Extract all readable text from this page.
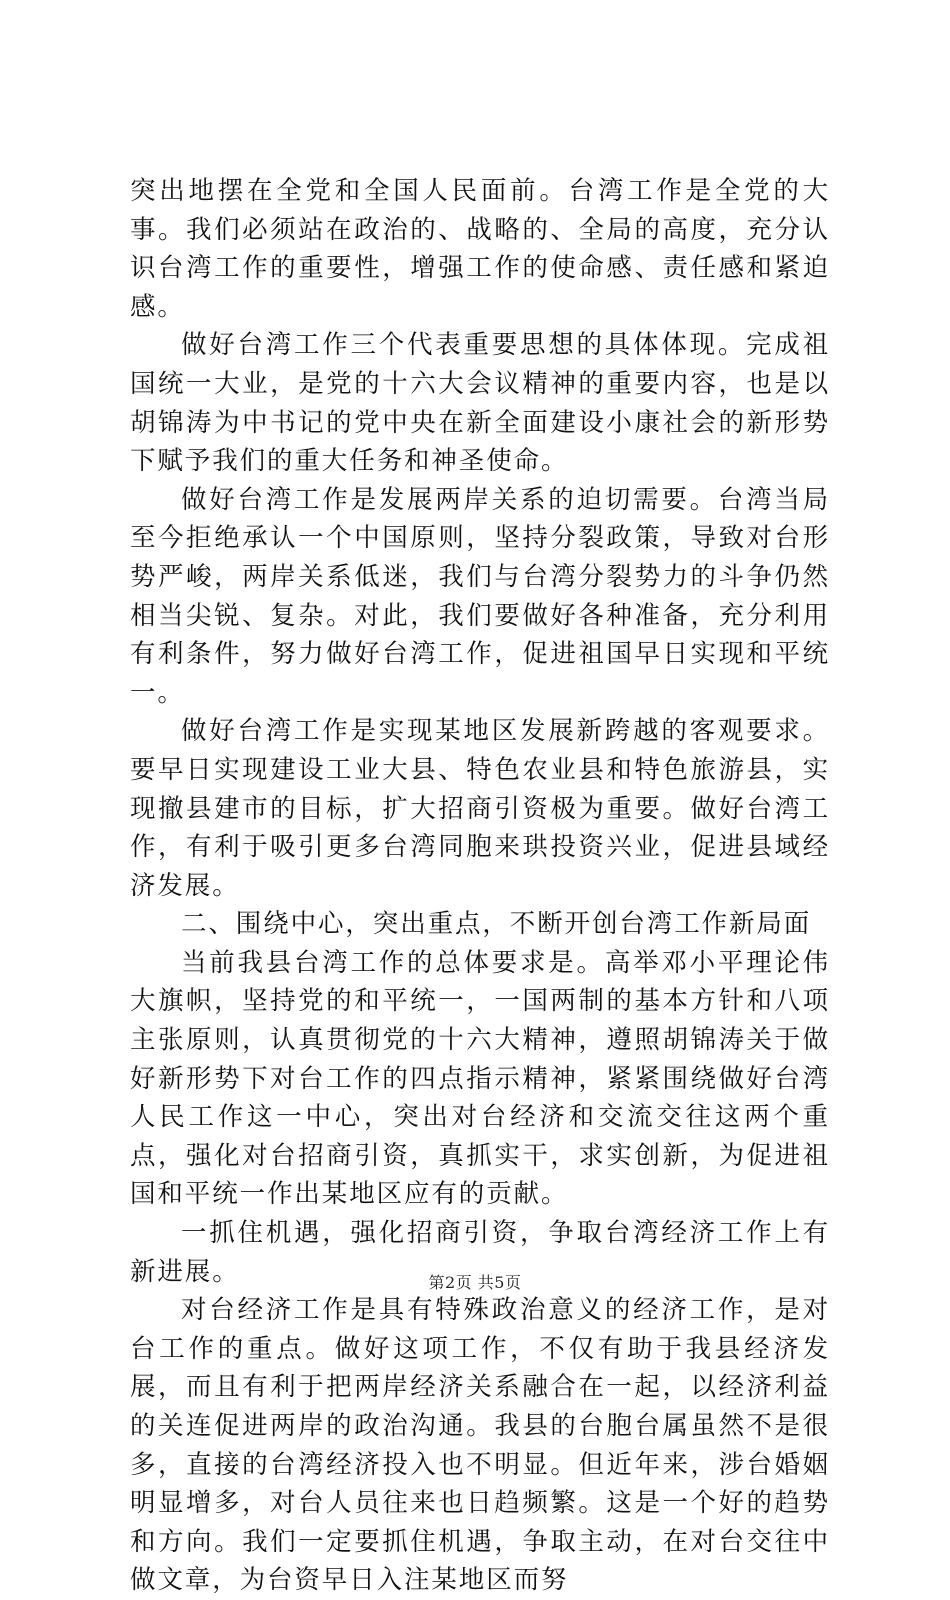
突出地摆在全党和全国人民面前。台湾工作是全党的大事。我们必须站在政治的、战略的、全局的高度，充分认识台湾工作的重要性，增强工作的使命感、责任感和紧迫感。

做好台湾工作三个代表重要思想的具体体现。完成祖国统一大业，是党的十六大会议精神的重要内容，也是以胡锦涛为中书记的党中央在新全面建设小康社会的新形势下赋予我们的重大任务和神圣使命。

做好台湾工作是发展两岸关系的迫切需要。台湾当局至今拒绝承认一个中国原则，坚持分裂政策，导致对台形势严峻，两岸关系低迷，我们与台湾分裂势力的斗争仍然相当尖锐、复杂。对此，我们要做好各种准备，充分利用有利条件，努力做好台湾工作，促进祖国早日实现和平统一。

做好台湾工作是实现某地区发展新跨越的客观要求。要早日实现建设工业大县、特色农业县和特色旅游县，实现撤县建市的目标，扩大招商引资极为重要。做好台湾工作，有利于吸引更多台湾同胞来珙投资兴业，促进县域经济发展。

二、围绕中心，突出重点，不断开创台湾工作新局面

当前我县台湾工作的总体要求是。高举邓小平理论伟大旗帜，坚持党的和平统一，一国两制的基本方针和八项主张原则，认真贯彻党的十六大精神，遵照胡锦涛关于做好新形势下对台工作的四点指示精神，紧紧围绕做好台湾人民工作这一中心，突出对台经济和交流交往这两个重点，强化对台招商引资，真抓实干，求实创新，为促进祖国和平统一作出某地区应有的贡献。

一抓住机遇，强化招商引资，争取台湾经济工作上有新进展。

对台经济工作是具有特殊政治意义的经济工作，是对台工作的重点。做好这项工作，不仅有助于我县经济发展，而且有利于把两岸经济关系融合在一起，以经济利益的关连促进两岸的政治沟通。我县的台胞台属虽然不是很多，直接的台湾经济投入也不明显。但近年来，涉台婚姻明显增多，对台人员往来也日趋频繁。这是一个好的趋势和方向。我们一定要抓住机遇，争取主动，在对台交往中做文章，为台资早日入注某地区而努

第2页 共5页
